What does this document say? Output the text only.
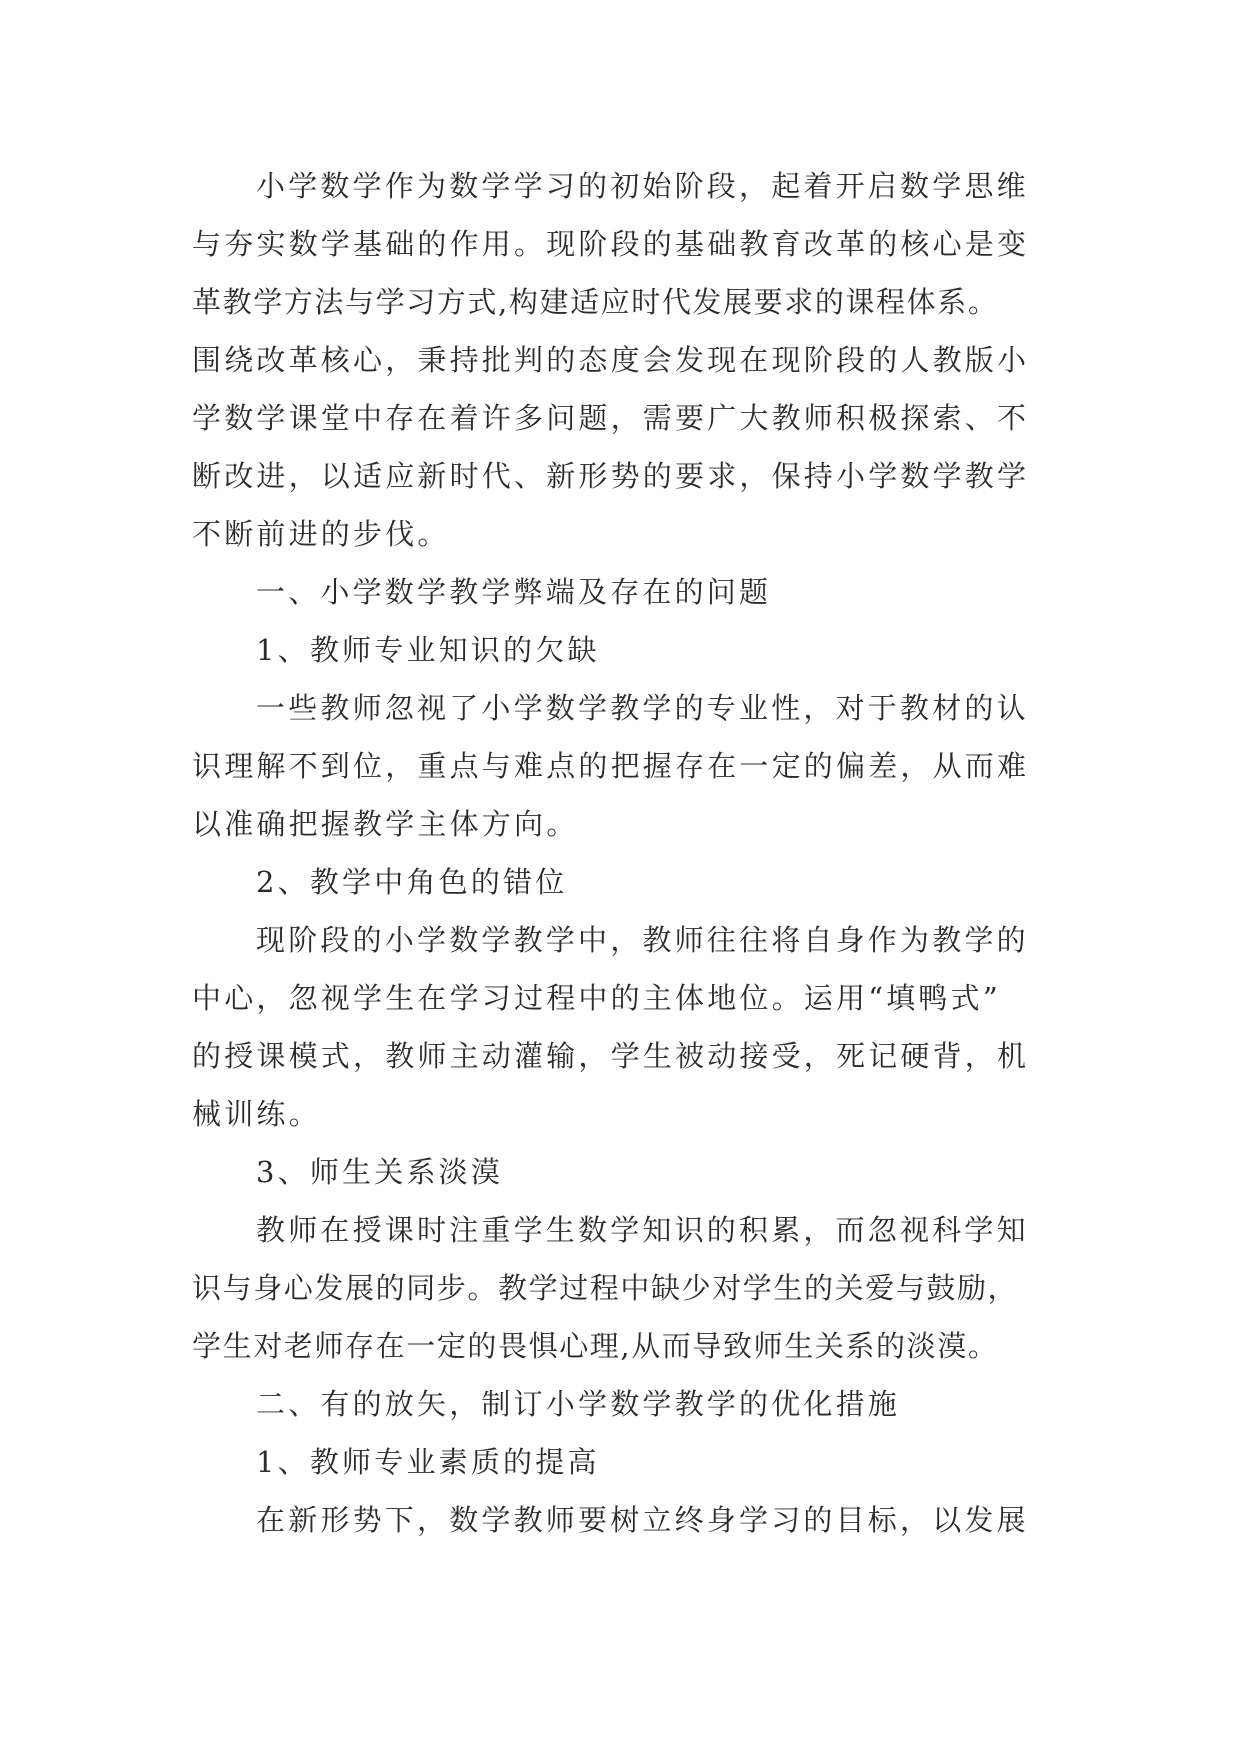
小学数学作为数学学习的初始阶段，起着开启数学思维
与夯实数学基础的作用。现阶段的基础教育改革的核心是变
革教学方法与学习方式,构建适应时代发展要求的课程体系。
围绕改革核心，秉持批判的态度会发现在现阶段的人教版小
学数学课堂中存在着许多问题，需要广大教师积极探索、不
断改进，以适应新时代、新形势的要求，保持小学数学教学
不断前进的步伐。
一、小学数学教学弊端及存在的问题
1、教师专业知识的欠缺
一些教师忽视了小学数学教学的专业性，对于教材的认
识理解不到位，重点与难点的把握存在一定的偏差，从而难
以准确把握教学主体方向。
2、教学中角色的错位
现阶段的小学数学教学中，教师往往将自身作为教学的
中心，忽视学生在学习过程中的主体地位。运用“填鸭式”
的授课模式，教师主动灌输，学生被动接受，死记硬背，机
械训练。
3、师生关系淡漠
教师在授课时注重学生数学知识的积累，而忽视科学知
识与身心发展的同步。教学过程中缺少对学生的关爱与鼓励，
学生对老师存在一定的畏惧心理,从而导致师生关系的淡漠。
二、有的放矢，制订小学数学教学的优化措施
1、教师专业素质的提高
在新形势下，数学教师要树立终身学习的目标，以发展
